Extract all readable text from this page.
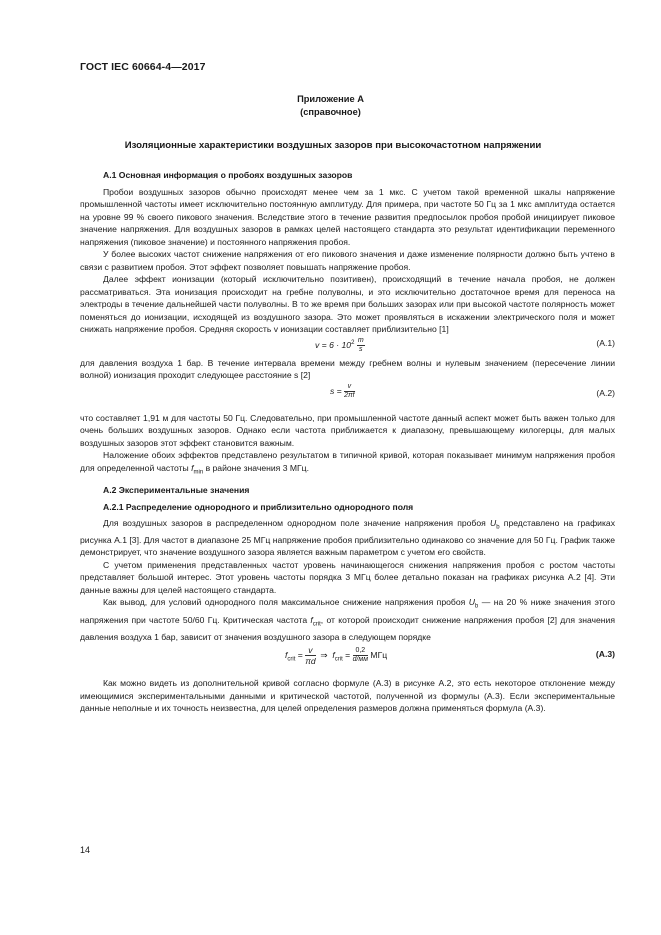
ГОСТ IEC 60664-4—2017
Приложение А
(справочное)
Изоляционные характеристики воздушных зазоров при высокочастотном напряжении
А.1 Основная информация о пробоях воздушных зазоров

Пробои воздушных зазоров обычно происходят менее чем за 1 мкс. С учетом такой временной шкалы напряжение промышленной частоты имеет исключительно постоянную амплитуду. Для примера, при частоте 50 Гц за 1 мкс амплитуда остается на уровне 99 % своего пикового значения. Вследствие этого в течение развития предпосылок пробоя пробой инициирует пиковое значение напряжения. Для воздушных зазоров в рамках целей настоящего стандарта это результат идентификации переменного напряжения (пиковое значение) и постоянного напряжения пробоя.

У более высоких частот снижение напряжения от его пикового значения и даже изменение полярности должно быть учтено в связи с развитием пробоя. Этот эффект позволяет повышать напряжение пробоя.

Далее эффект ионизации (который исключительно позитивен), происходящий в течение начала пробоя, не должен рассматриваться. Эта ионизация происходит на гребне полуволны, и это исключительно достаточное время для переноса на электроды в течение дальнейшей части полуволны. В то же время при больших зазорах или при высокой частоте полярность может поменяться до ионизации, исходящей из воздушного зазора. Это может проявляться в искажении электрического поля и может снижать напряжение пробоя. Средняя скорость v ионизации составляет приблизительно [1]

$v = 6 \cdot 10^2 \frac{m}{s}$	(А.1)

для давления воздуха 1 бар. В течение интервала времени между гребнем волны и нулевым значением (пересечение линии волной) ионизация проходит следующее расстояние s [2]

$s = \frac{v}{2\pi f}$	(А.2)

что составляет 1,91 м для частоты 50 Гц. Следовательно, при промышленной частоте данный аспект может быть важен только для очень больших воздушных зазоров. Однако если частота приближается к диапазону, превышающему килогерцы, для малых воздушных зазоров этот эффект становится важным.

Наложение обоих эффектов представлено результатом в типичной кривой, которая показывает минимум напряжения пробоя для определенной частоты $f_{min}$ в районе значения 3 МГц.

А.2 Экспериментальные значения
А.2.1 Распределение однородного и приблизительно однородного поля

Для воздушных зазоров в распределенном однородном поле значение напряжения пробоя $U_b$ представлено на графиках рисунка А.1 [3]. Для частот в диапазоне 25 МГц напряжение пробоя приблизительно одинаково со значение для 50 Гц. График также демонстрирует, что значение воздушного зазора является важным параметром с учетом его свойств.

С учетом применения представленных частот уровень начинающегося снижения напряжения пробоя с ростом частоты представляет большой интерес. Этот уровень частоты порядка 3 МГц более детально показан на графиках рисунка А.2 [4]. Эти данные важны для целей настоящего стандарта.

Как вывод, для условий однородного поля максимальное снижение напряжения пробоя $U_b$ — на 20 % ниже значения этого напряжения при частоте 50/60 Гц. Критическая частота $f_{crit}$, от которой происходит снижение напряжения пробоя [2] для значения давления воздуха 1 бар, зависит от значения воздушного зазора в следующем порядке

$f_{crit} = \frac{v}{\pi d}$ ⇒ $f_{crit} = \frac{0,2}{d/мм}$ МГц	(А.3)

Как можно видеть из дополнительной кривой согласно формуле (А.3) в рисунке А.2, это есть некоторое отклонение между имеющимися экспериментальными данными и критической частотой, полученной из формулы (А.3). Если экспериментальные данные неполные и их точность неизвестна, для целей определения размеров должна применяться формула (А.3).

14
